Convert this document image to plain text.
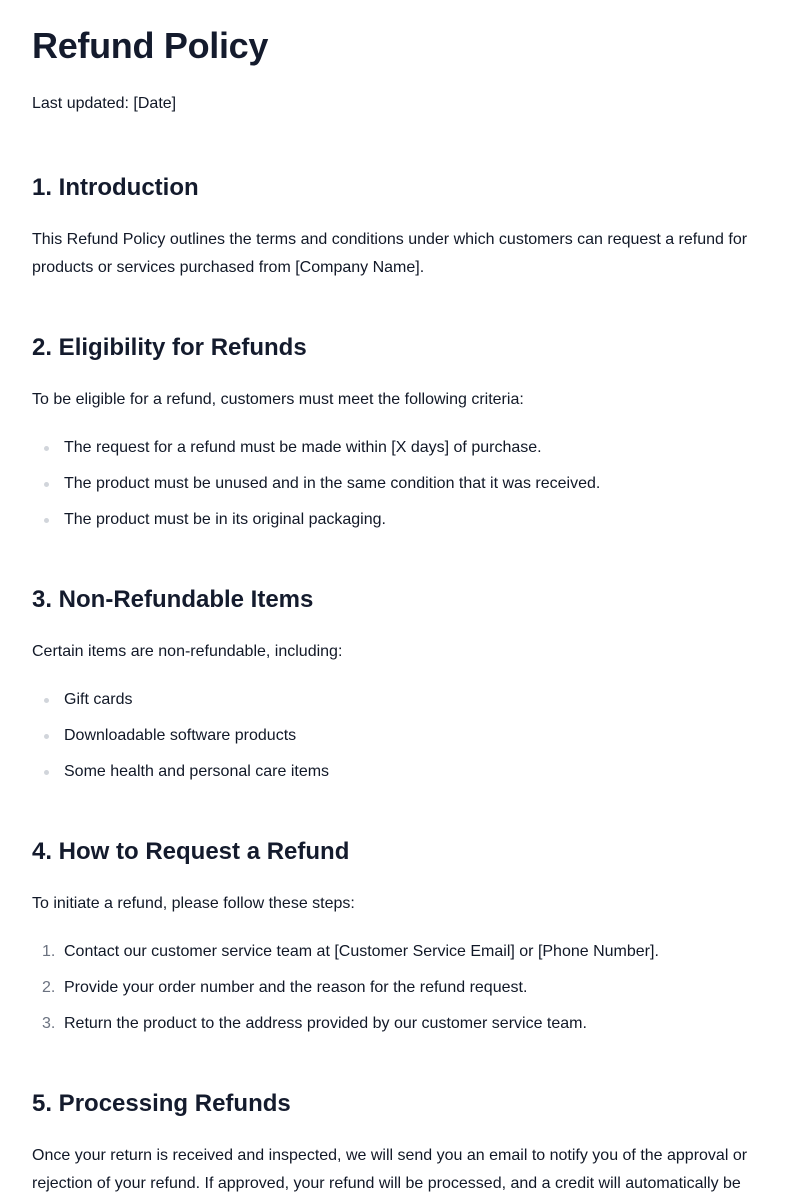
Refund Policy

Last updated: [Date]

1. Introduction

This Refund Policy outlines the terms and conditions under which customers can request a refund for products or services purchased from [Company Name].

2. Eligibility for Refunds

To be eligible for a refund, customers must meet the following criteria:

The request for a refund must be made within [X days] of purchase.
The product must be unused and in the same condition that it was received.
The product must be in its original packaging.
3. Non-Refundable Items

Certain items are non-refundable, including:

Gift cards
Downloadable software products
Some health and personal care items
4. How to Request a Refund

To initiate a refund, please follow these steps:

1. Contact our customer service team at [Customer Service Email] or [Phone Number].
2. Provide your order number and the reason for the refund request.
3. Return the product to the address provided by our customer service team.
5. Processing Refunds

Once your return is received and inspected, we will send you an email to notify you of the approval or rejection of your refund. If approved, your refund will be processed, and a credit will automatically be
